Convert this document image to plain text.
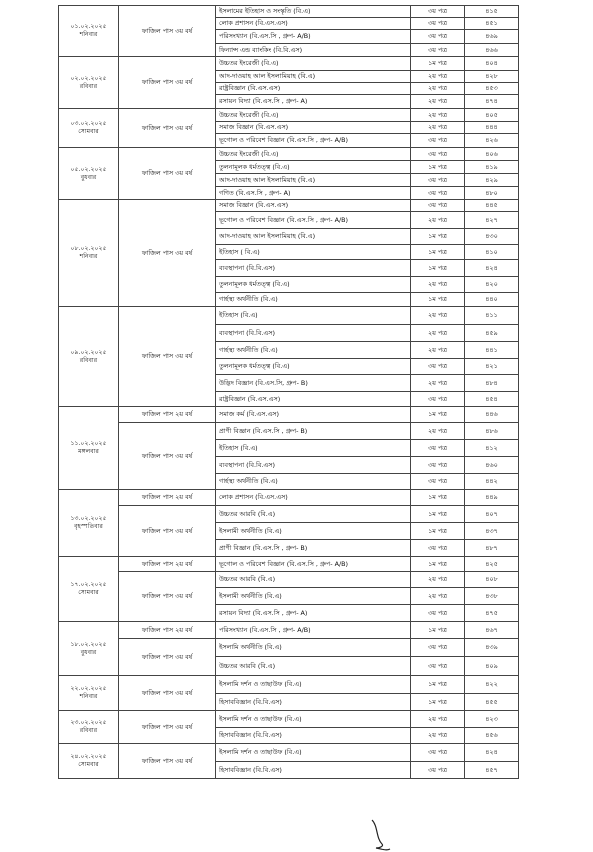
০১.০২.২০২৫
শনিবার	ফাজিল পাস ৩য় বর্ষ	ইসলামের ইতিহাস ও সংস্কৃতি (বি.এ)	৩য় পত্র	৪১৫
		লোক প্রশাসন (বি.এস.এস)	৩য় পত্র	৪৫১
		পরিসংখ্যান (বি.এস.সি , গ্রুপ- A/B)	৩য় পত্র	৪৬৯
		ফিন্যান্স এন্ড ব্যাংকিং (বি.বি.এস)	৩য় পত্র	৪৬৬

০২.০২.২০২৫
রবিবার	ফাজিল পাস ৩য় বর্ষ	উচ্চতর ইংরেজী (বি.এ)	১ম পত্র	৪০৪
		আদ-দাওয়াহ আল ইসলামিয়াহ (বি.এ)	২য় পত্র	৪২৮
		রাষ্ট্রবিজ্ঞান (বি.এস.এস)	২য় পত্র	৪৫৩
		রসায়ন বিদ্যা (বি.এস.সি , গ্রুপ- A)	২য় পত্র	৪৭৪

০৩.০২.২০২৫
সোমবার	ফাজিল পাস ৩য় বর্ষ	উচ্চতর ইংরেজী (বি.এ)	২য় পত্র	৪০৫
		সমাজ বিজ্ঞান (বি.এস.এস)	২য় পত্র	৪৪৪
		ভূগোল ও পরিবেশ বিজ্ঞান (বি.এস.সি , গ্রুপ- A/B)	৩য় পত্র	৪২৬

০৫.০২.২০২৫
বুধবার	ফাজিল পাস ৩য় বর্ষ	উচ্চতর ইংরেজী (বি.এ)	৩য় পত্র	৪০৬
		তুলনামূলক ধর্মতত্ত্ব (বি.এ)	১ম পত্র	৪১৯
		আদ-দাওয়াহ আল ইসলামিয়াহ (বি.এ)	৩য় পত্র	৪২৯
		গণিত (বি.এস.সি , গ্রুপ- A)	৩য় পত্র	৪৮০

০৮.০২.২০২৫
শনিবার	ফাজিল পাস ৩য় বর্ষ	সমাজ বিজ্ঞান (বি.এস.এস)	৩য় পত্র	৪৪৫
		ভূগোল ও পরিবেশ বিজ্ঞান (বি.এস.সি , গ্রুপ- A/B)	২য় পত্র	৪২৭
		আদ-দাওয়াহ আল ইসলামিয়াহ (বি.এ)	১ম পত্র	৪৩০
		ইতিহাস ( বি.এ)	১ম পত্র	৪১০
		ব্যবস্থাপনা (বি.বি.এস)	১ম পত্র	৪২৪
		তুলনামূলক ধর্মতত্ত্ব (বি.এ)	২য় পত্র	৪২০
		গার্হস্থ্য অর্থনীতি (বি.এ)	১ম পত্র	৪৪০

০৯.০২.২০২৫
রবিবার	ফাজিল পাস ৩য় বর্ষ	ইতিহাস (বি.এ)	২য় পত্র	৪১১
		ব্যবস্থাপনা (বি.বি.এস)	২য় পত্র	৪৫৯
		গার্হস্থ্য অর্থনীতি (বি.এ)	২য় পত্র	৪৪১
		তুলনামূলক ধর্মতত্ত্ব (বি.এ)	৩য় পত্র	৪২১
		উদ্ভিদ বিজ্ঞান (বি.এস.সি, গ্রুপ- B)	২য় পত্র	৪৮৪
		রাষ্ট্রবিজ্ঞান (বি.এস.এস)	৩য় পত্র	৪৫৪

১১.০২.২০২৫
মঙ্গলবার	ফাজিল পাস ২য় বর্ষ	সমাজ কর্ম (বি.এস.এস)	১ম পত্র	৪৪৬
	ফাজিল পাস ৩য় বর্ষ	প্রাণী বিজ্ঞান (বি.এস.সি , গ্রুপ- B)	২য় পত্র	৪৮৬
		ইতিহাস (বি.এ)	৩য় পত্র	৪১২
		ব্যবস্থাপনা (বি.বি.এস)	৩য় পত্র	৪৬০
		গার্হস্থ্য অর্থনীতি (বি.এ)	৩য় পত্র	৪৪২

১৩.০২.২০২৫
বৃহস্পতিবার	ফাজিল পাস ২য় বর্ষ	লোক প্রশাসন (বি.এস.এস)	১ম পত্র	৪৪৯
	ফাজিল পাস ৩য় বর্ষ	উচ্চতর আরবি (বি.এ)	১ম পত্র	৪০৭
		ইসলামী অর্থনীতি (বি.এ)	১ম পত্র	৪৩৭
		প্রাণী বিজ্ঞান (বি.এস.সি , গ্রুপ- B)	৩য় পত্র	৪৮৭

১৭.০২.২০২৫
সোমবার	ফাজিল পাস ২য় বর্ষ	ভূগোল ও পরিবেশ বিজ্ঞান (বি.এস.সি , গ্রুপ- A/B)	১ম পত্র	৪২৫
	ফাজিল পাস ৩য় বর্ষ	উচ্চতর আরবি (বি.এ)	২য় পত্র	৪০৮
		ইসলামী অর্থনীতি (বি.এ)	২য় পত্র	৪৩৮
		রসায়ন বিদ্যা (বি.এস.সি , গ্রুপ- A)	৩য় পত্র	৪৭৫

১৮.০২.২০২৫
বুধবার	ফাজিল পাস ২য় বর্ষ	পরিসংখ্যান (বি.এস.সি , গ্রুপ- A/B)	১ম পত্র	৪৬৭
	ফাজিল পাস ৩য় বর্ষ	ইসলামি অর্থনীতি (বি.এ)	৩য় পত্র	৪৩৯
		উচ্চতর আরবি (বি.এ)	৩য় পত্র	৪০৯

২২.০২.২০২৫
শনিবার	ফাজিল পাস ৩য় বর্ষ	ইসলামি দর্শন ও তাছাউফ (বি.এ)	১ম পত্র	৪২২
		হিসাববিজ্ঞান (বি.বি.এস)	১ম পত্র	৪৫৫

২৩.০২.২০২৫
রবিবার	ফাজিল পাস ৩য় বর্ষ	ইসলামি দর্শন ও তাছাউফ (বি.এ)	২য় পত্র	৪২৩
		হিসাববিজ্ঞান (বি.বি.এস)	২য় পত্র	৪৫৬

২৪.০২.২০২৫
সোমবার	ফাজিল পাস ৩য় বর্ষ	ইসলামি দর্শন ও তাছাউফ (বি.এ)	৩য় পত্র	৪২৪
		হিসাববিজ্ঞান (বি.বি.এস)	৩য় পত্র	৪৫৭
